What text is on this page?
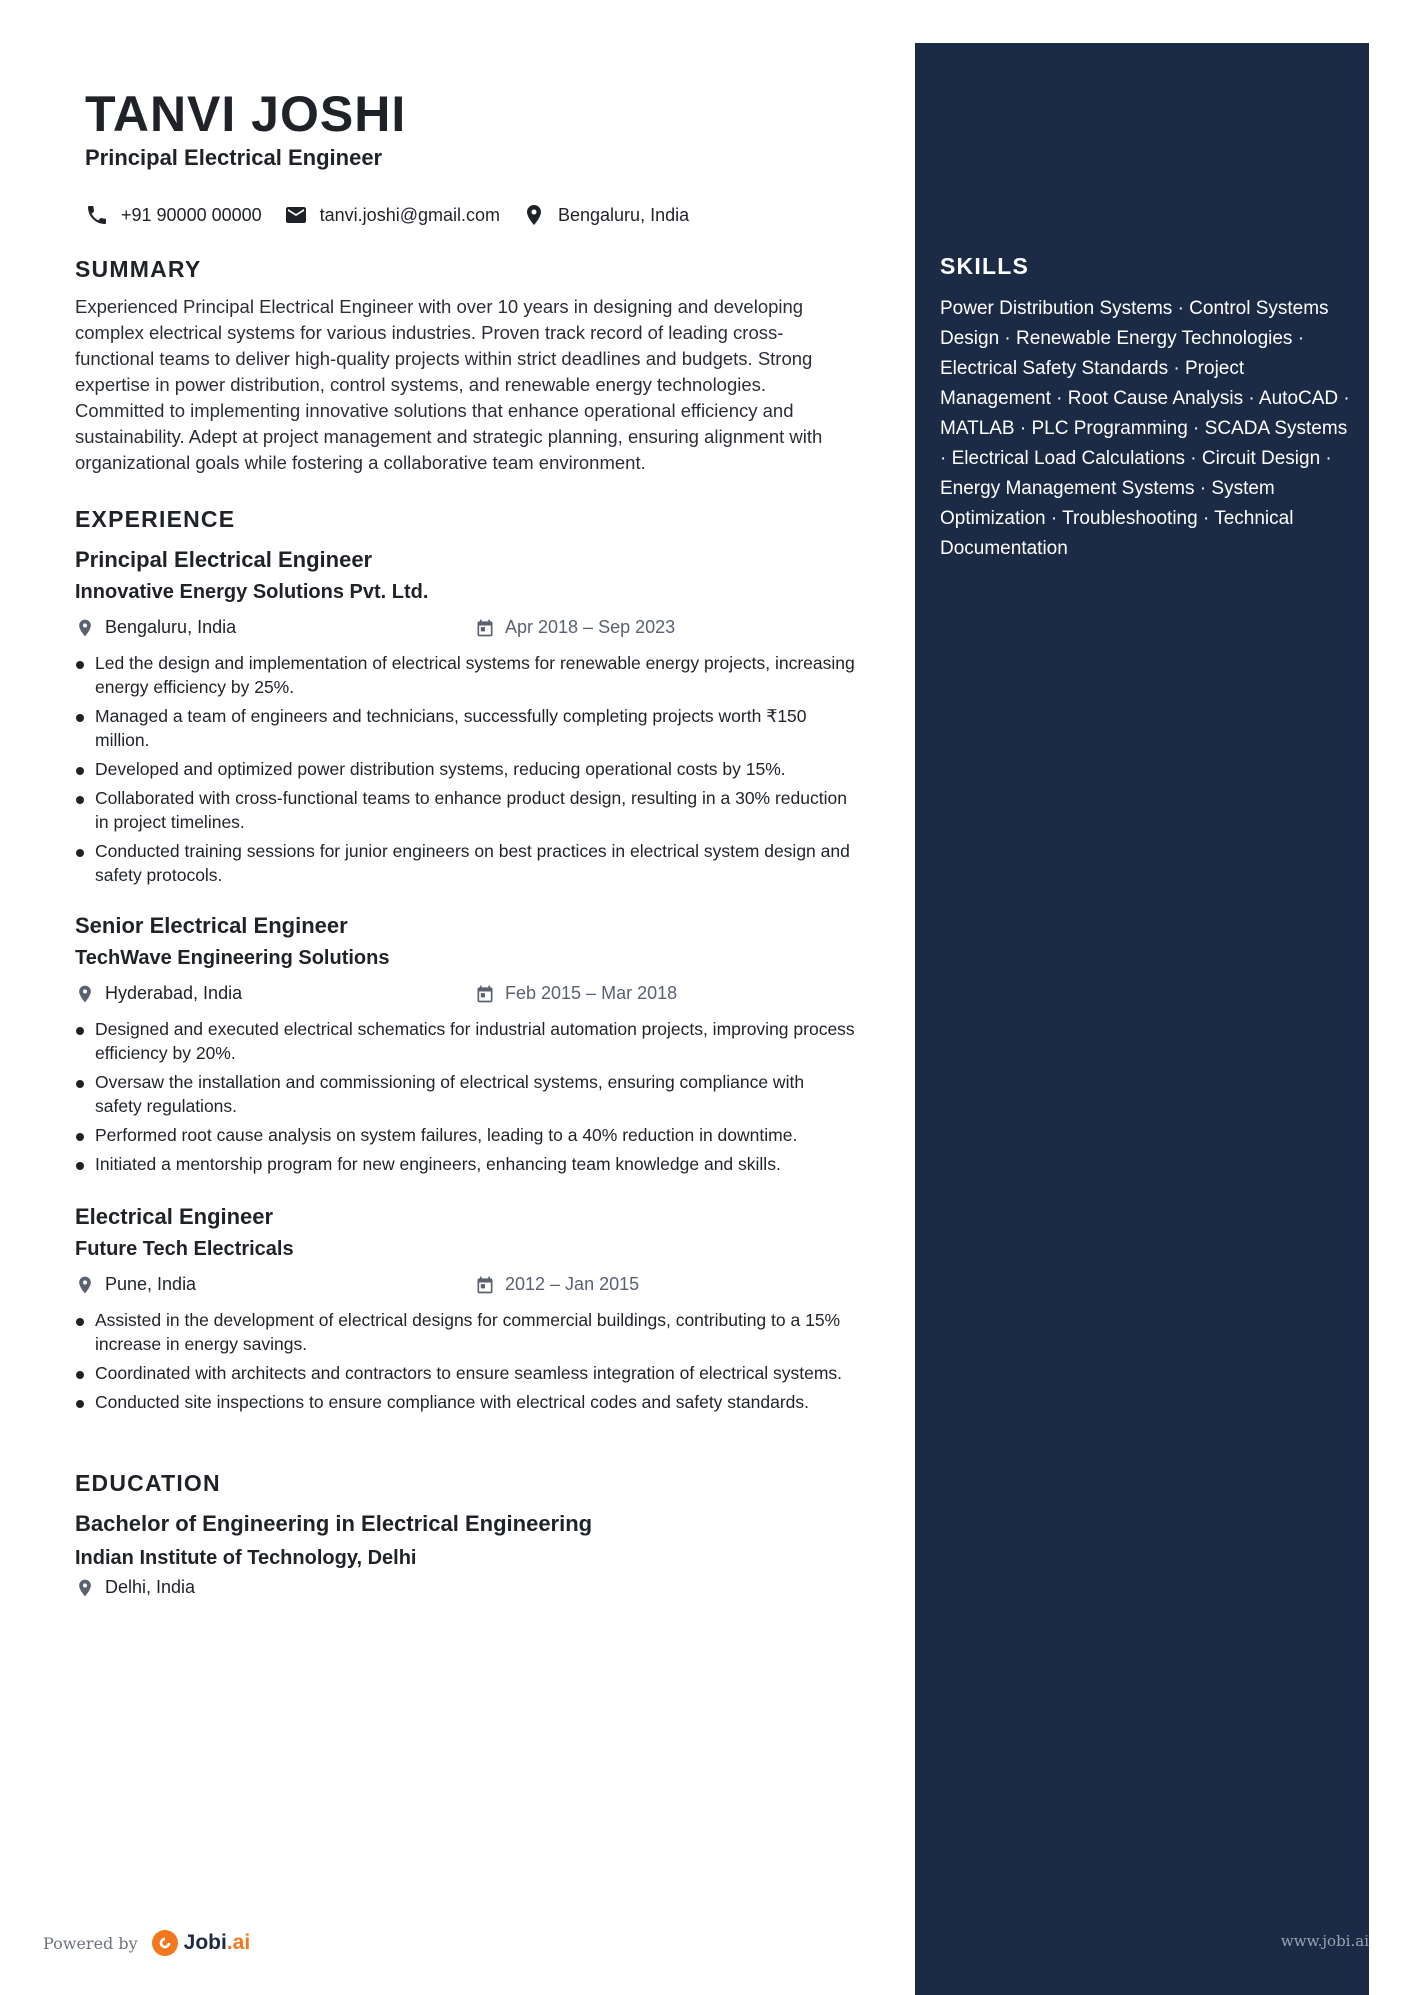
SKILLS
Power Distribution Systems · Control Systems Design · Renewable Energy Technologies · Electrical Safety Standards · Project Management · Root Cause Analysis · AutoCAD · MATLAB · PLC Programming · SCADA Systems · Electrical Load Calculations · Circuit Design · Energy Management Systems · System Optimization · Troubleshooting · Technical Documentation
TANVI JOSHI
Principal Electrical Engineer
+91 90000 00000	tanvi.joshi@gmail.com	Bengaluru, India
SUMMARY
Experienced Principal Electrical Engineer with over 10 years in designing and developing complex electrical systems for various industries. Proven track record of leading cross-functional teams to deliver high-quality projects within strict deadlines and budgets. Strong expertise in power distribution, control systems, and renewable energy technologies. Committed to implementing innovative solutions that enhance operational efficiency and sustainability. Adept at project management and strategic planning, ensuring alignment with organizational goals while fostering a collaborative team environment.
EXPERIENCE
Principal Electrical Engineer
Innovative Energy Solutions Pvt. Ltd.
Bengaluru, India	Apr 2018 – Sep 2023
Led the design and implementation of electrical systems for renewable energy projects, increasing energy efficiency by 25%.
Managed a team of engineers and technicians, successfully completing projects worth ₹150 million.
Developed and optimized power distribution systems, reducing operational costs by 15%.
Collaborated with cross-functional teams to enhance product design, resulting in a 30% reduction in project timelines.
Conducted training sessions for junior engineers on best practices in electrical system design and safety protocols.
Senior Electrical Engineer
TechWave Engineering Solutions
Hyderabad, India	Feb 2015 – Mar 2018
Designed and executed electrical schematics for industrial automation projects, improving process efficiency by 20%.
Oversaw the installation and commissioning of electrical systems, ensuring compliance with safety regulations.
Performed root cause analysis on system failures, leading to a 40% reduction in downtime.
Initiated a mentorship program for new engineers, enhancing team knowledge and skills.
Electrical Engineer
Future Tech Electricals
Pune, India	2012 – Jan 2015
Assisted in the development of electrical designs for commercial buildings, contributing to a 15% increase in energy savings.
Coordinated with architects and contractors to ensure seamless integration of electrical systems.
Conducted site inspections to ensure compliance with electrical codes and safety standards.
EDUCATION
Bachelor of Engineering in Electrical Engineering
Indian Institute of Technology, Delhi
Delhi, India
Powered by Jobi.ai	www.jobi.ai
